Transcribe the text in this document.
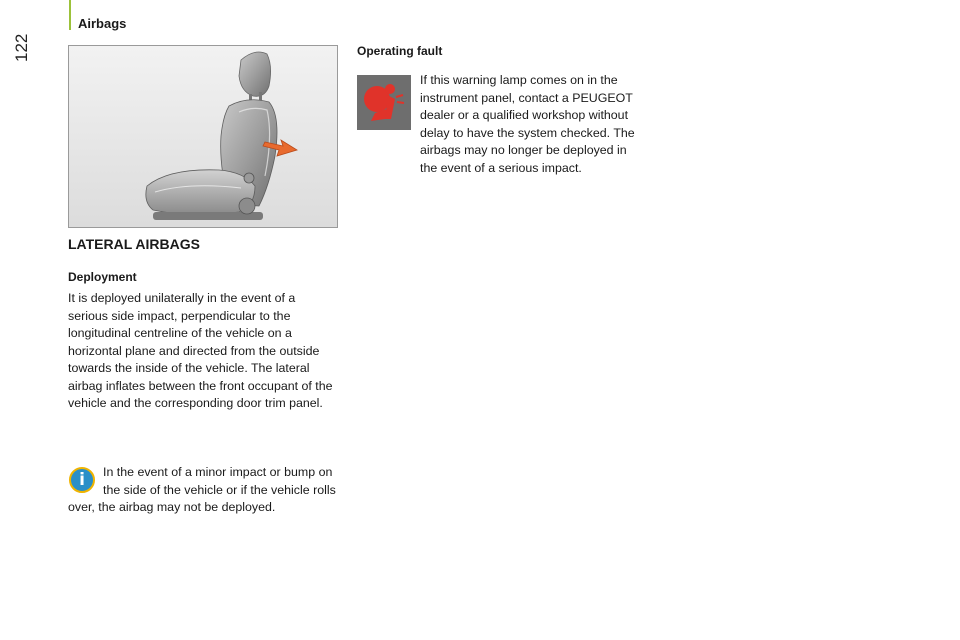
Airbags
122
LATERAL AIRBAGS
Deployment

It is deployed unilaterally in the event of a serious side impact, perpendicular to the longitudinal centreline of the vehicle on a horizontal plane and directed from the outside towards the inside of the vehicle. The lateral airbag inflates between the front occupant of the vehicle and the corresponding door trim panel.

i	In the event of a minor impact or bump on the side of the vehicle or if the vehicle rolls over, the airbag may not be deployed.

Operating fault

If this warning lamp comes on in the instrument panel, contact a PEUGEOT dealer or a qualified workshop without delay to have the system checked. The airbags may no longer be deployed in the event of a serious impact.
